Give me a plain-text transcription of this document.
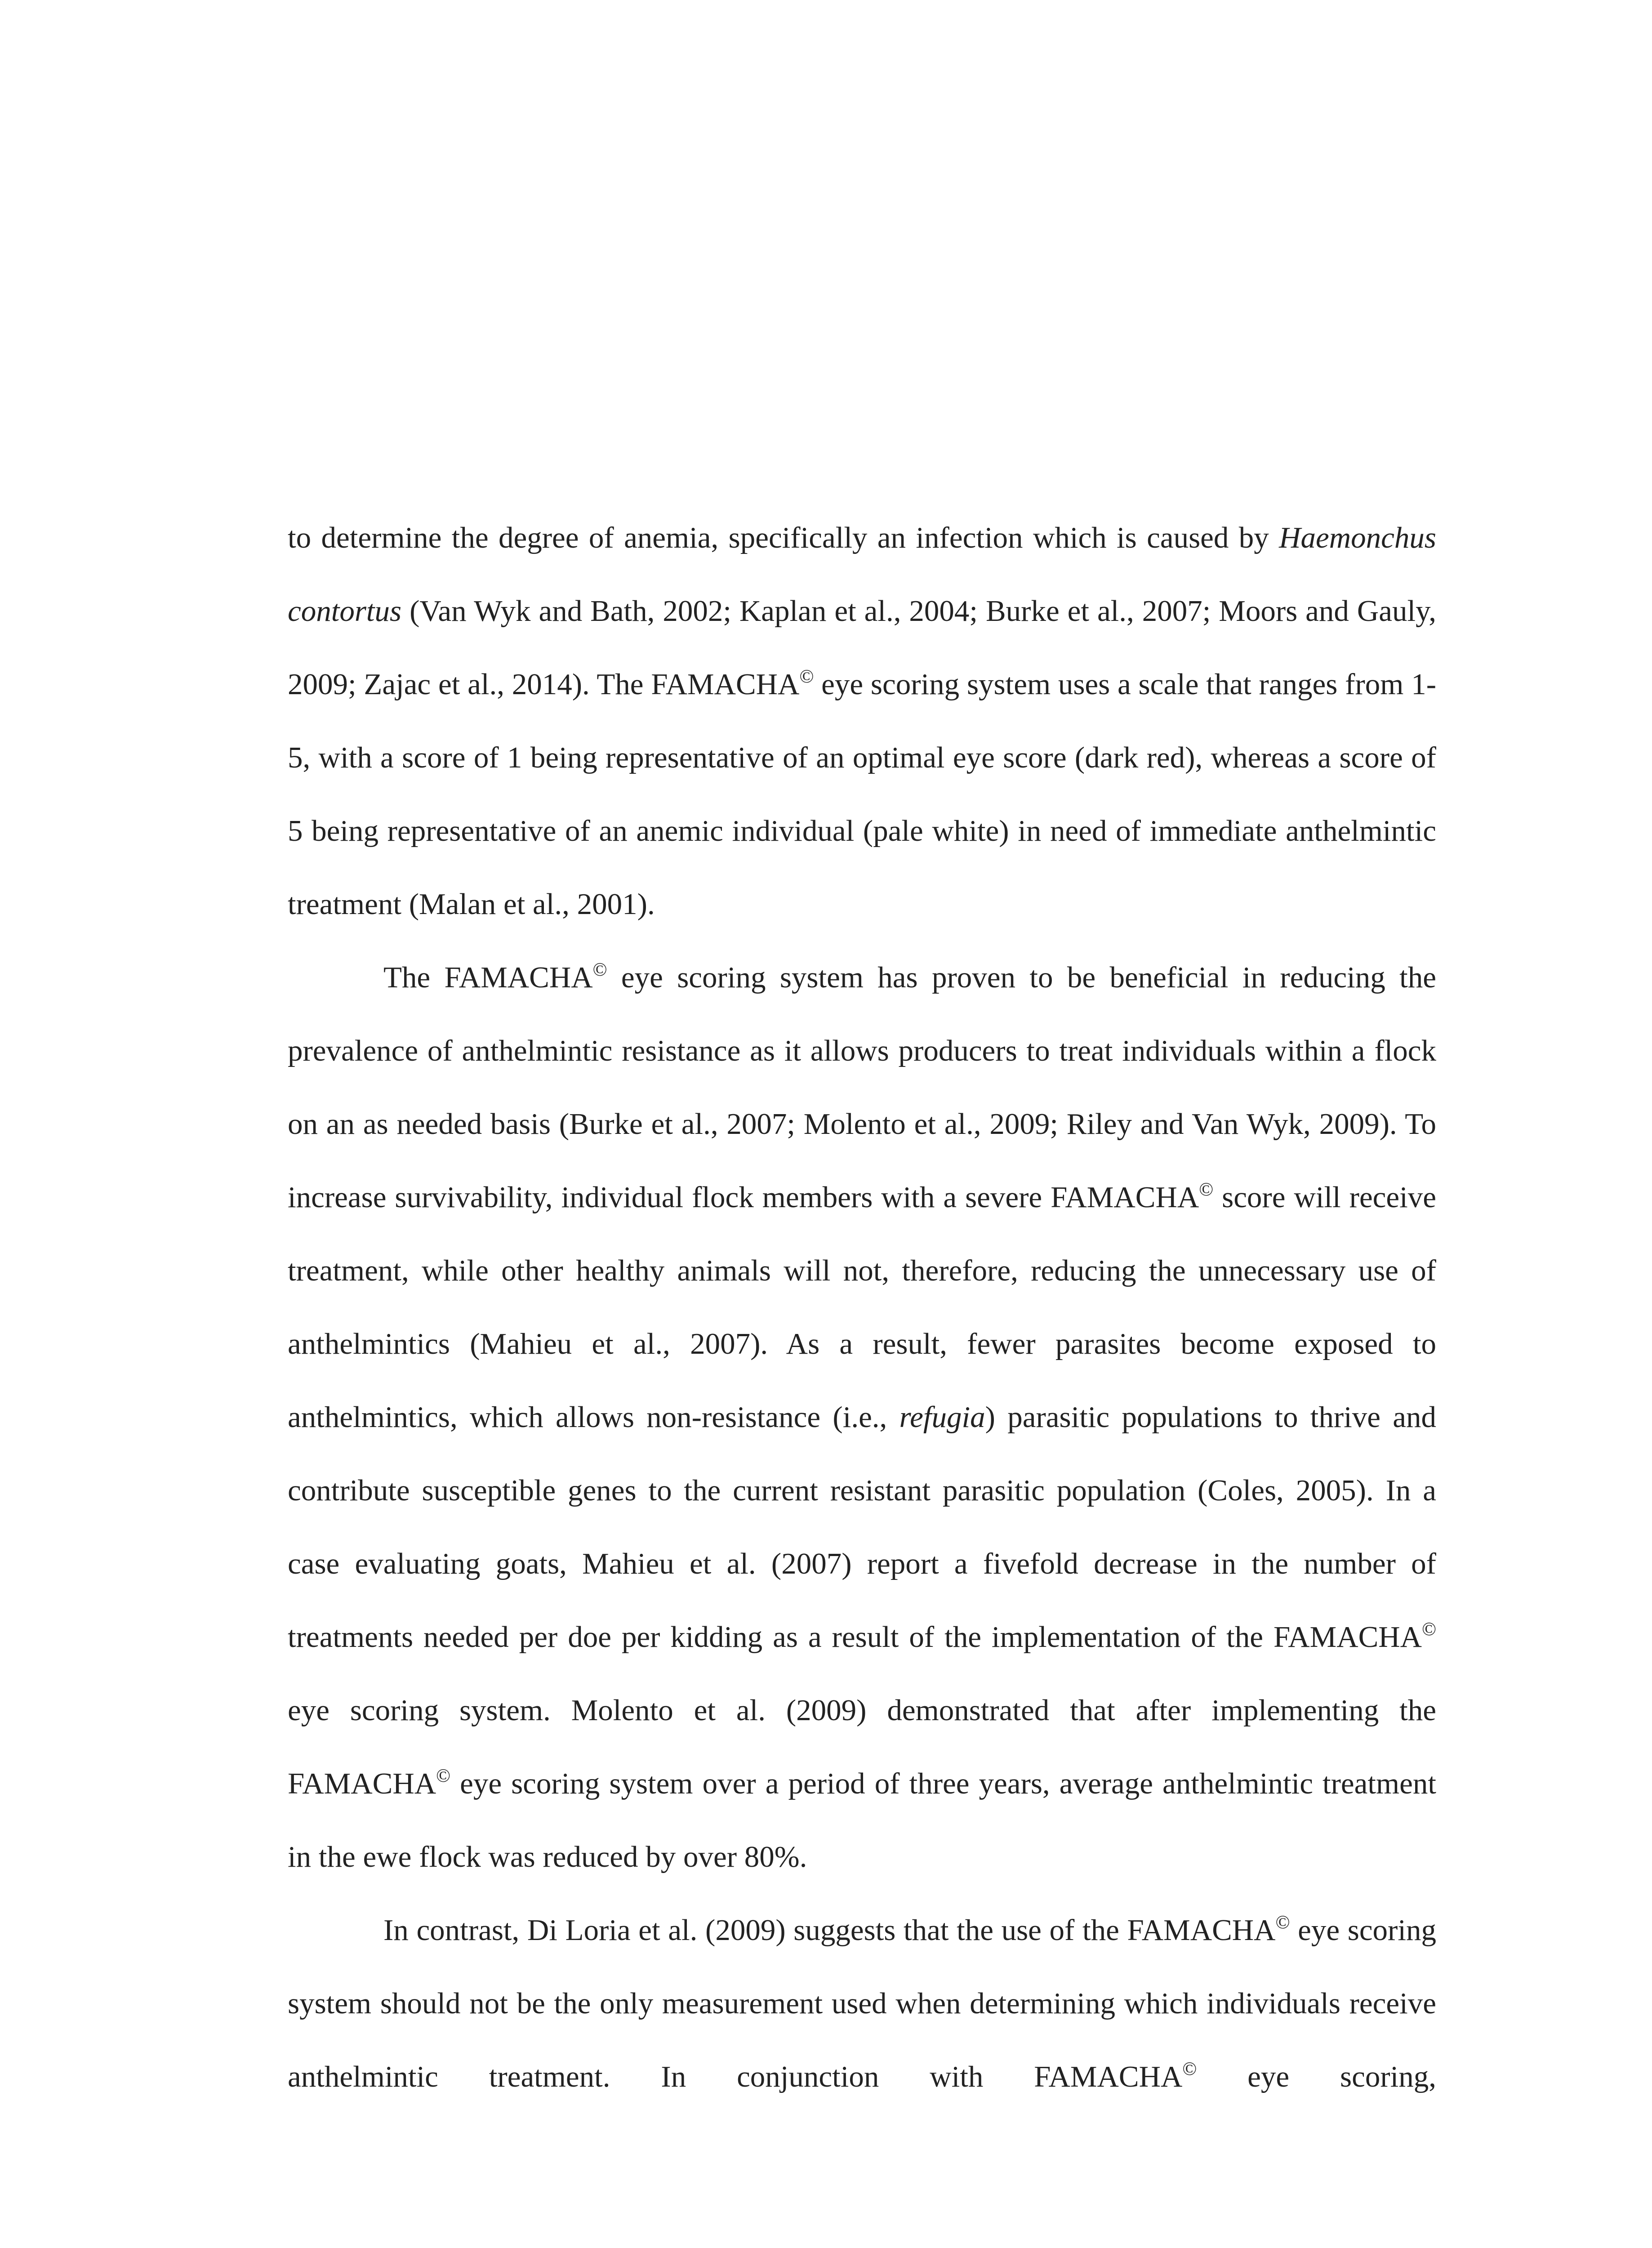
to determine the degree of anemia, specifically an infection which is caused by Haemonchus contortus (Van Wyk and Bath, 2002; Kaplan et al., 2004; Burke et al., 2007; Moors and Gauly, 2009; Zajac et al., 2014). The FAMACHA© eye scoring system uses a scale that ranges from 1-5, with a score of 1 being representative of an optimal eye score (dark red), whereas a score of 5 being representative of an anemic individual (pale white) in need of immediate anthelmintic treatment (Malan et al., 2001).

The FAMACHA© eye scoring system has proven to be beneficial in reducing the prevalence of anthelmintic resistance as it allows producers to treat individuals within a flock on an as needed basis (Burke et al., 2007; Molento et al., 2009; Riley and Van Wyk, 2009). To increase survivability, individual flock members with a severe FAMACHA© score will receive treatment, while other healthy animals will not, therefore, reducing the unnecessary use of anthelmintics (Mahieu et al., 2007). As a result, fewer parasites become exposed to anthelmintics, which allows non-resistance (i.e., refugia) parasitic populations to thrive and contribute susceptible genes to the current resistant parasitic population (Coles, 2005). In a case evaluating goats, Mahieu et al. (2007) report a fivefold decrease in the number of treatments needed per doe per kidding as a result of the implementation of the FAMACHA© eye scoring system. Molento et al. (2009) demonstrated that after implementing the FAMACHA© eye scoring system over a period of three years, average anthelmintic treatment in the ewe flock was reduced by over 80%.

In contrast, Di Loria et al. (2009) suggests that the use of the FAMACHA© eye scoring system should not be the only measurement used when determining which individuals receive anthelmintic treatment. In conjunction with FAMACHA© eye scoring,
